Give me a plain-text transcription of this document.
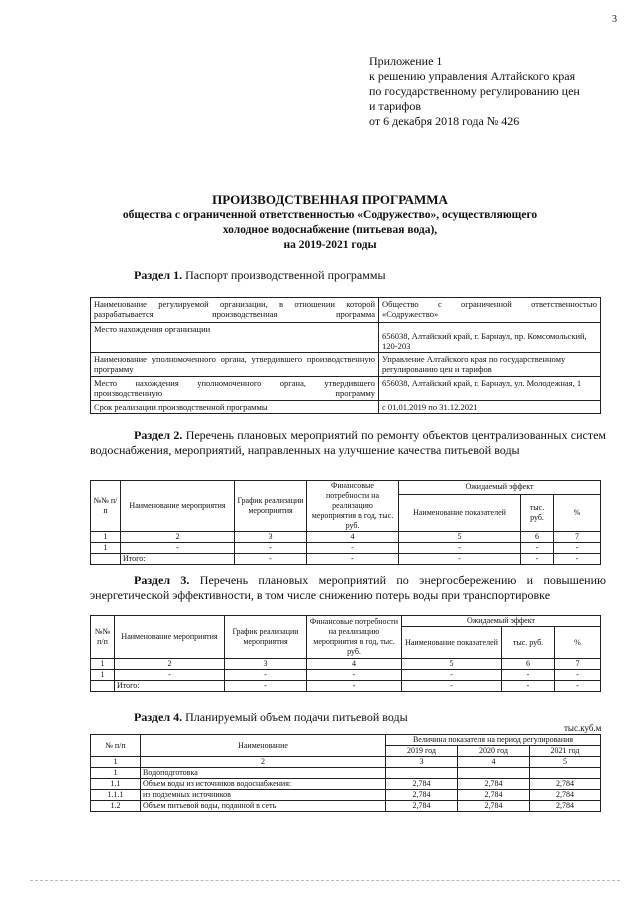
3
Приложение 1
к решению управления Алтайского края
по государственному регулированию цен
и тарифов
от 6 декабря 2018 года № 426
ПРОИЗВОДСТВЕННАЯ ПРОГРАММА
общества с ограниченной ответственностью «Содружество», осуществляющего
холодное водоснабжение (питьевая вода),
на 2019-2021 годы
Раздел 1. Паспорт производственной программы
Наименование регулируемой организации, в отношении которой разрабатывается производственная программа	Общество с ограниченной ответственностью «Содружество»
Место нахождения организации	656038, Алтайский край, г. Барнаул, пр. Комсомольский, 120-203
Наименование уполномоченного органа, утвердившего производственную программу	Управление Алтайского края по государственному регулированию цен и тарифов
Место нахождения уполномоченного органа, утвердившего производственную программу	656038, Алтайский край, г. Барнаул, ул. Молодежная, 1
Срок реализации производственной программы	с 01.01.2019 по 31.12.2021
Раздел 2. Перечень плановых мероприятий по ремонту объектов централизованных систем водоснабжения, мероприятий, направленных на улучшение качества питьевой воды
№№ п/п	Наименование мероприятия	График реализации мероприятия	Финансовые потребности на реализацию мероприятия в год, тыс. руб.	Ожидаемый эффект		
				Наименование показателей	тыс. руб.	%
1	2	3	4	5	6	7
1	-	-	-	-	-	-
	Итого:	-	-	-	-	-
Раздел 3. Перечень плановых мероприятий по энергосбережению и повышению энергетической эффективности, в том числе снижению потерь воды при транспортировке
№№ п/п	Наименование мероприятия	График реализации мероприятия	Финансовые потребности на реализацию мероприятия в год, тыс. руб.	Ожидаемый эффект		
				Наименование показателей	тыс. руб.	%
1	2	3	4	5	6	7
1	-	-	-	-	-	-
	Итого:	-	-	-	-	-
Раздел 4. Планируемый объем подачи питьевой воды
тыс.куб.м
№ п/п	Наименование	Величина показателя на период регулирования		
		2019 год	2020 год	2021 год
1	2	3	4	5
1	Водоподготовка			
1.1	Объем воды из источников водоснабжения:	2,784	2,784	2,784
1.1.1	из подземных источников	2,784	2,784	2,784
1.2	Объем питьевой воды, поданной в сеть	2,784	2,784	2,784
